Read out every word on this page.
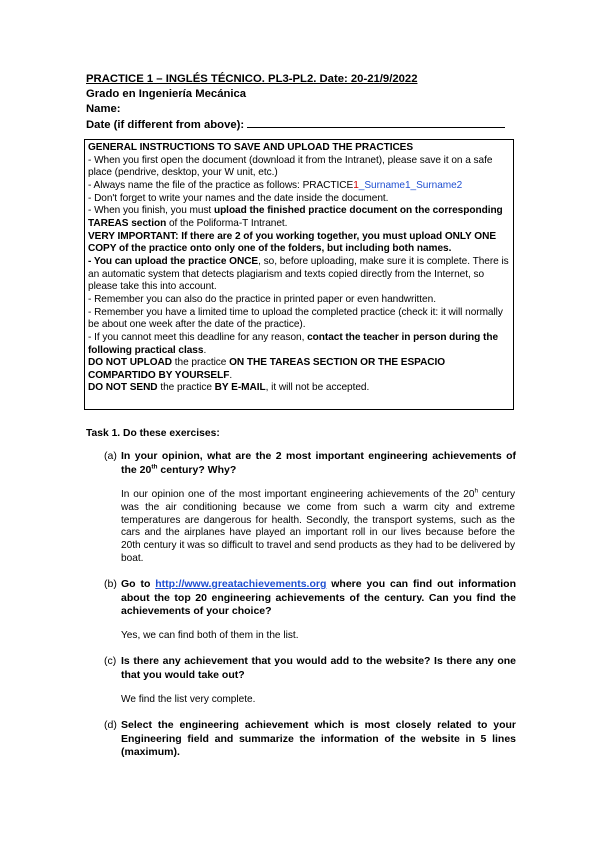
PRACTICE 1 – INGLÉS TÉCNICO. PL3-PL2. Date: 20-21/9/2022
Grado en Ingeniería Mecánica
Name:
Date (if different from above):

GENERAL INSTRUCTIONS TO SAVE AND UPLOAD THE PRACTICES

- When you first open the document (download it from the Intranet), please save it on a safe place (pendrive, desktop, your W unit, etc.)

- Always name the file of the practice as follows: PRACTICE1_Surname1_Surname2

- Don't forget to write your names and the date inside the document.

- When you finish, you must upload the finished practice document on the corresponding TAREAS section of the Poliforma-T Intranet.

VERY IMPORTANT: If there are 2 of you working together, you must upload ONLY ONE COPY of the practice onto only one of the folders, but including both names.

- You can upload the practice ONCE, so, before uploading, make sure it is complete. There is an automatic system that detects plagiarism and texts copied directly from the Internet, so please take this into account.

- Remember you can also do the practice in printed paper or even handwritten.

- Remember you have a limited time to upload the completed practice (check it: it will normally be about one week after the date of the practice).

- If you cannot meet this deadline for any reason, contact the teacher in person during the following practical class.

DO NOT UPLOAD the practice ON THE TAREAS SECTION OR THE ESPACIO COMPARTIDO BY YOURSELF.

DO NOT SEND the practice BY E-MAIL, it will not be accepted.

Task 1. Do these exercises:
(a) In your opinion, what are the 2 most important engineering achievements of the 20th century? Why?
In our opinion one of the most important engineering achievements of the 20$^h$ century was the air conditioning because we come from such a warm city and extreme temperatures are dangerous for health. Secondly, the transport systems, such as the cars and the airplanes have played an important roll in our lives because before the 20th century it was so difficult to travel and send products as they had to be delivered by boat.
(b) Go to http://www.greatachievements.org where you can find out information about the top 20 engineering achievements of the century. Can you find the achievements of your choice?
Yes, we can find both of them in the list.
(c) Is there any achievement that you would add to the website? Is there any one that you would take out?
We find the list very complete.
(d) Select the engineering achievement which is most closely related to your Engineering field and summarize the information of the website in 5 lines (maximum).
